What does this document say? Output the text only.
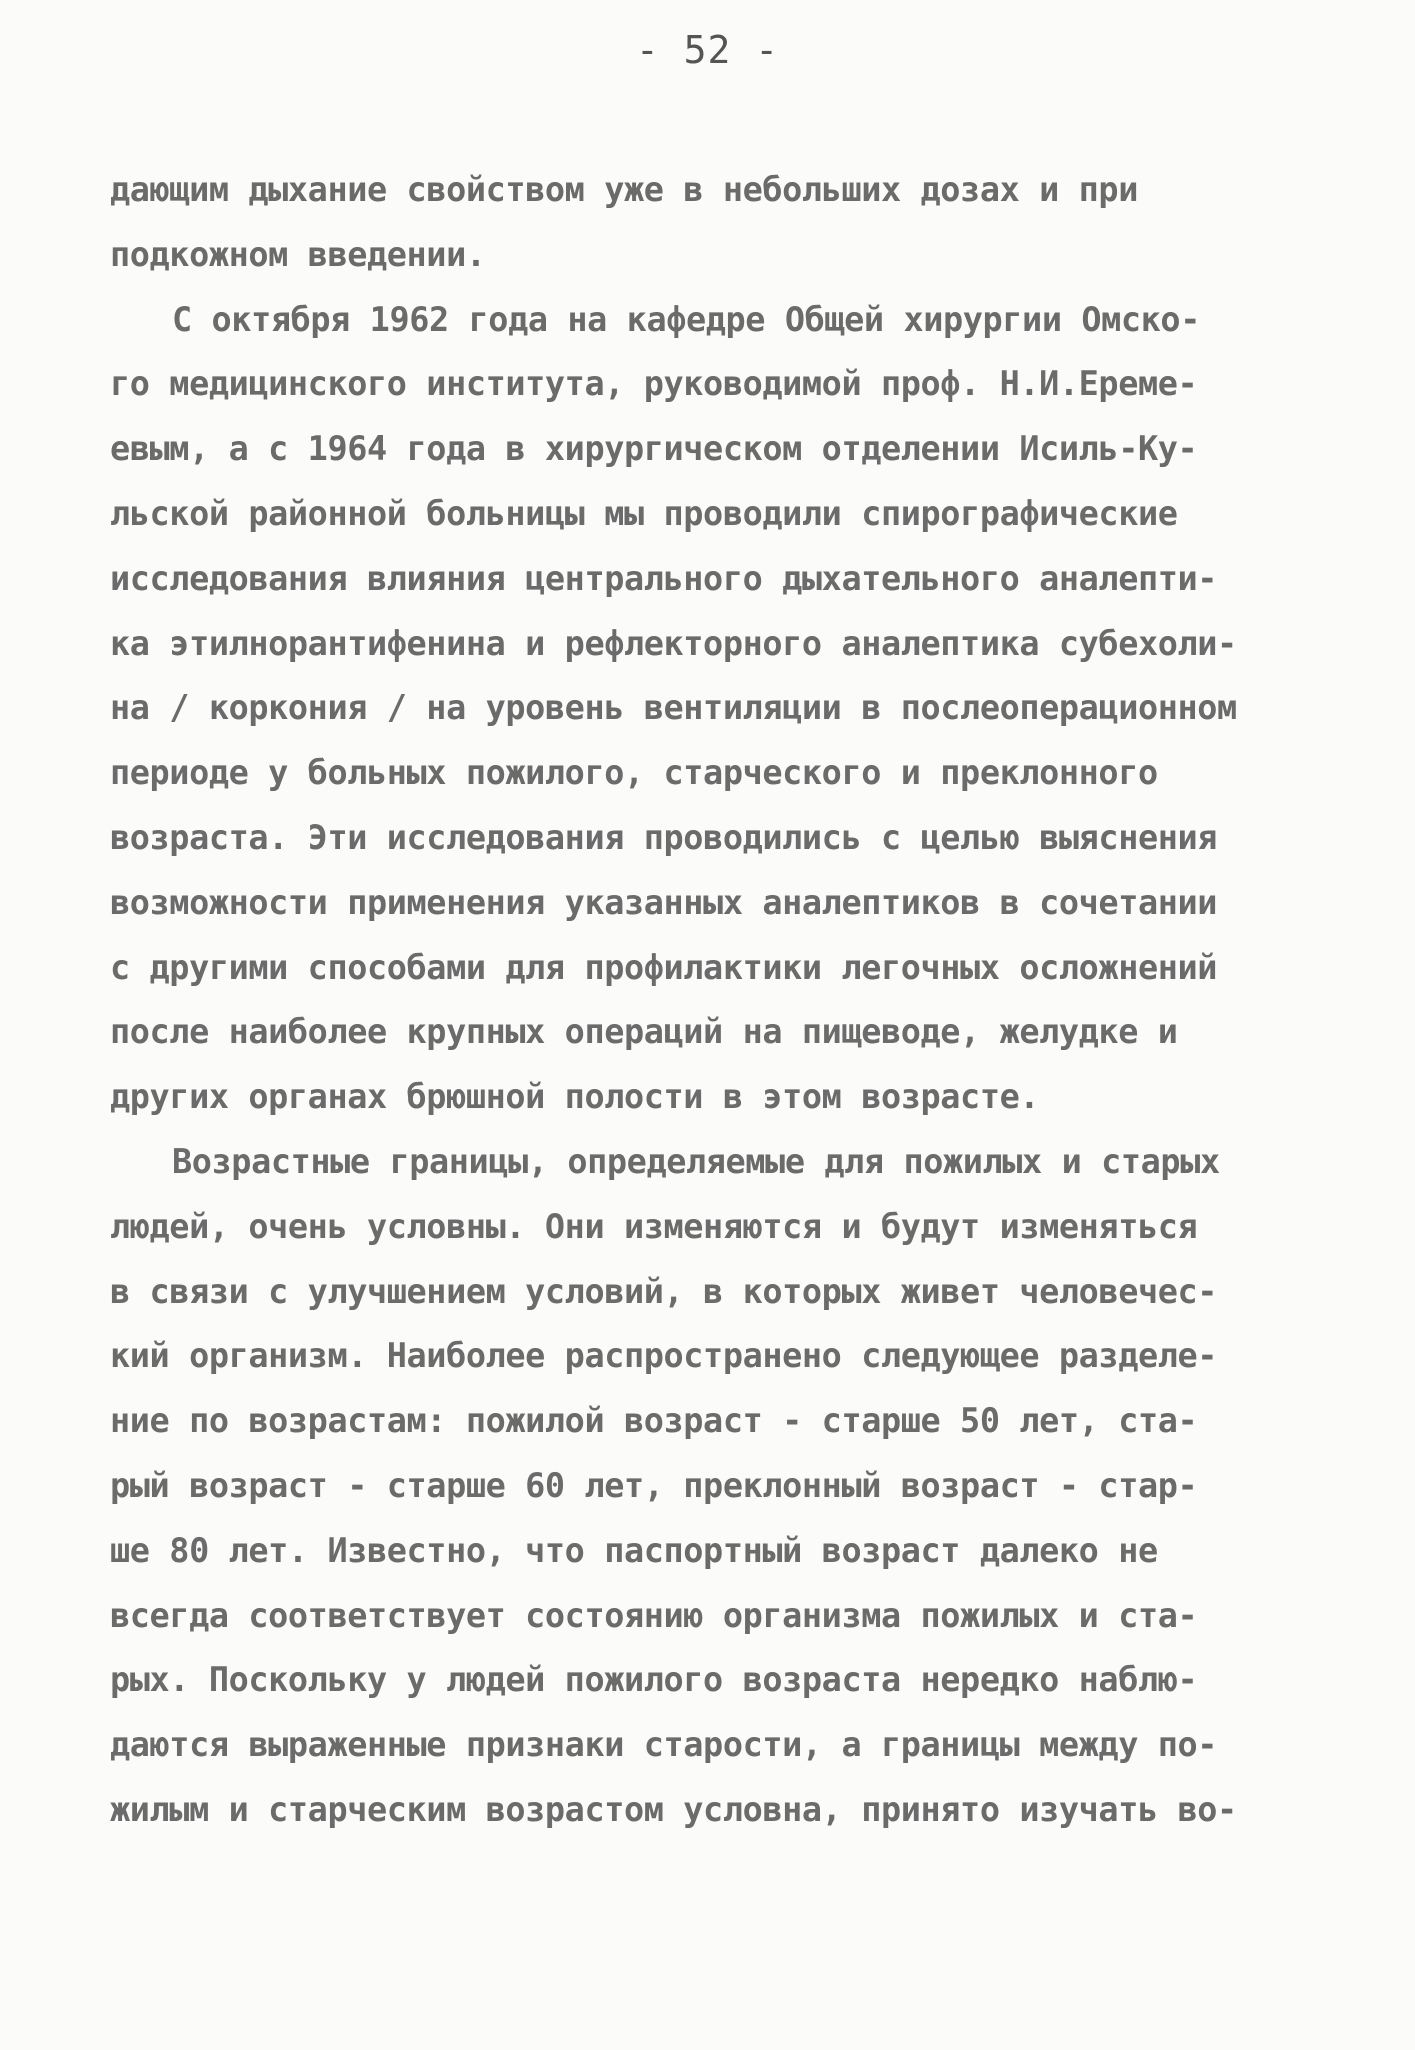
- 52 -
дающим дыхание свойством уже в небольших дозах и при
подкожном введении.
С октября 1962 года на кафедре Общей хирургии Омско-
го медицинского института, руководимой проф. Н.И.Ереме-
евым, а с 1964 года в хирургическом отделении Исиль-Ку-
льской районной больницы мы проводили спирографические
исследования влияния центрального дыхательного аналепти-
ка этилнорантифенина и рефлекторного аналептика субехоли-
на / коркония / на уровень вентиляции в послеоперационном
периоде у больных пожилого, старческого и преклонного
возраста. Эти исследования проводились с целью выяснения
возможности применения указанных аналептиков в сочетании
с другими способами для профилактики легочных осложнений
после наиболее крупных операций на пищеводе, желудке и
других органах брюшной полости в этом возрасте.
Возрастные границы, определяемые для пожилых и старых
людей, очень условны. Они изменяются и будут изменяться
в связи с улучшением условий, в которых живет человечес-
кий организм. Наиболее распространено следующее разделе-
ние по возрастам: пожилой возраст - старше 50 лет, ста-
рый возраст - старше 60 лет, преклонный возраст - стар-
ше 80 лет. Известно, что паспортный возраст далеко не
всегда соответствует состоянию организма пожилых и ста-
рых. Поскольку у людей пожилого возраста нередко наблю-
даются выраженные признаки старости, а границы между по-
жилым и старческим возрастом условна, принято изучать во-
